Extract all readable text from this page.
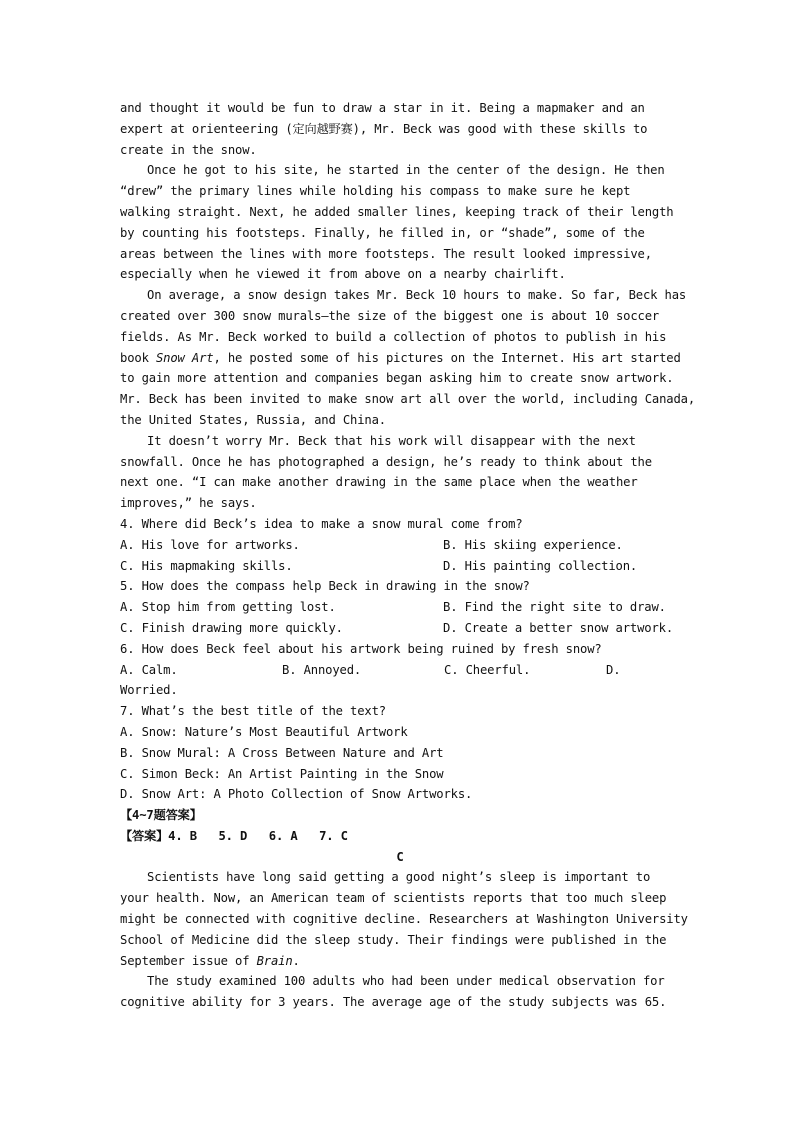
and thought it would be fun to draw a star in it. Being a mapmaker and an
expert at orienteering (定向越野赛), Mr. Beck was good with these skills to
create in the snow.
Once he got to his site, he started in the center of the design. He then
“drew” the primary lines while holding his compass to make sure he kept
walking straight. Next, he added smaller lines, keeping track of their length
by counting his footsteps. Finally, he filled in, or “shade”, some of the
areas between the lines with more footsteps. The result looked impressive,
especially when he viewed it from above on a nearby chairlift.
On average, a snow design takes Mr. Beck 10 hours to make. So far, Beck has
created over 300 snow murals—the size of the biggest one is about 10 soccer
fields. As Mr. Beck worked to build a collection of photos to publish in his
book Snow Art, he posted some of his pictures on the Internet. His art started
to gain more attention and companies began asking him to create snow artwork.
Mr. Beck has been invited to make snow art all over the world, including Canada,
the United States, Russia, and China.
It doesn’t worry Mr. Beck that his work will disappear with the next
snowfall. Once he has photographed a design, he’s ready to think about the
next one. “I can make another drawing in the same place when the weather
improves,” he says.
4. Where did Beck’s idea to make a snow mural come from?
A. His love for artworks.	B. His skiing experience.
C. His mapmaking skills.	D. His painting collection.
5. How does the compass help Beck in drawing in the snow?
A. Stop him from getting lost.	B. Find the right site to draw.
C. Finish drawing more quickly.	D. Create a better snow artwork.
6. How does Beck feel about his artwork being ruined by fresh snow?
A. Calm.	B. Annoyed.	C. Cheerful.	D.
Worried.
7. What’s the best title of the text?
A. Snow: Nature’s Most Beautiful Artwork
B. Snow Mural: A Cross Between Nature and Art
C. Simon Beck: An Artist Painting in the Snow
D. Snow Art: A Photo Collection of Snow Artworks.
【4~7题答案】
【答案】4. B   5. D   6. A   7. C
C
Scientists have long said getting a good night’s sleep is important to
your health. Now, an American team of scientists reports that too much sleep
might be connected with cognitive decline. Researchers at Washington University
School of Medicine did the sleep study. Their findings were published in the
September issue of Brain.
The study examined 100 adults who had been under medical observation for
cognitive ability for 3 years. The average age of the study subjects was 65.
